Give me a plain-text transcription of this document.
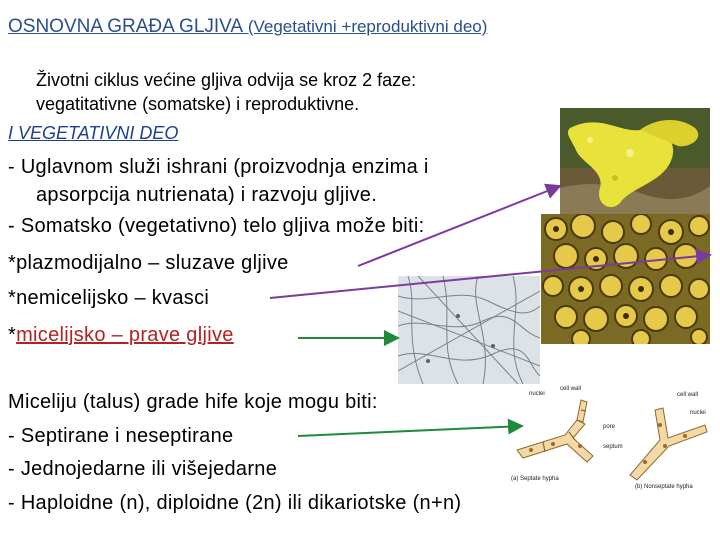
OSNOVNA GRAĐA GLJIVA (Vegetativni +reproduktivni deo)
Životni ciklus većine gljiva odvija se kroz 2 faze:
vegatitativne (somatske) i reproduktivne.
I VEGETATIVNI DEO
- Uglavnom služi ishrani (proizvodnja enzima i
apsorpcija nutrienata) i razvoju gljive.
- Somatsko (vegetativno) telo gljiva može biti:
*plazmodijalno – sluzave gljive
*nemicelijsko – kvasci
*micelijsko – prave gljive
Miceliju (talus) grade hife koje mogu biti:
- Septirane i neseptirane
- Jednojedarne ili višejedarne
- Haploidne (n), diploidne (2n) ili dikariotske (n+n)
cell wall
nuclei
pore
septum
(a) Septate hypha
cell wall
nuclei
(b) Nonseptate hypha
